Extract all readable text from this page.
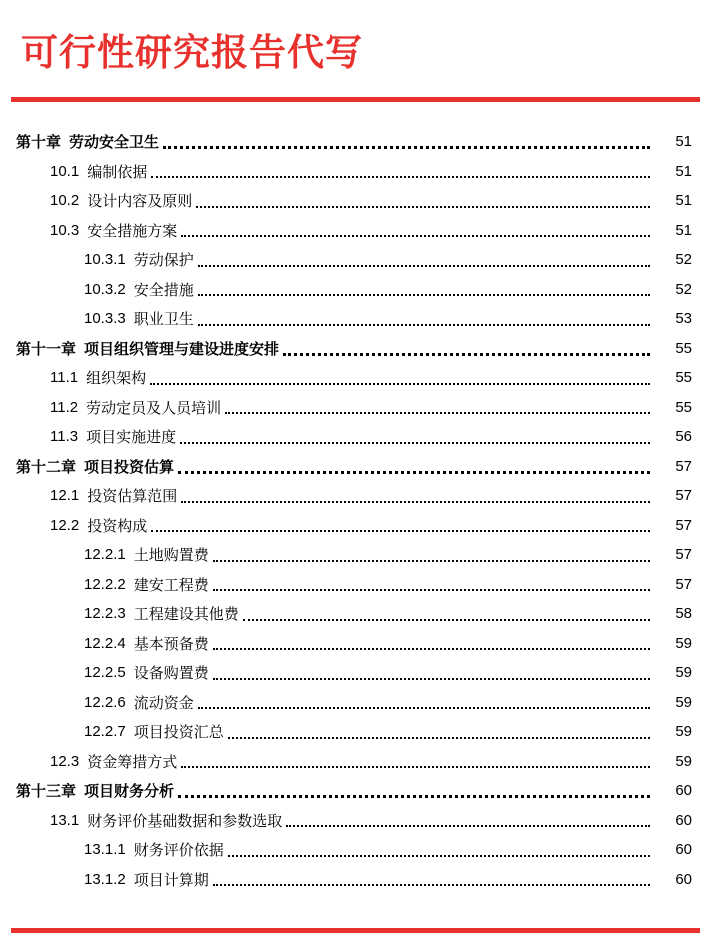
可行性研究报告代写
第十章 劳动安全卫生	51
10.1 编制依据	51
10.2 设计内容及原则	51
10.3 安全措施方案	51
10.3.1 劳动保护	52
10.3.2 安全措施	52
10.3.3 职业卫生	53
第十一章 项目组织管理与建设进度安排	55
11.1 组织架构	55
11.2 劳动定员及人员培训	55
11.3 项目实施进度	56
第十二章 项目投资估算	57
12.1 投资估算范围	57
12.2 投资构成	57
12.2.1 土地购置费	57
12.2.2 建安工程费	57
12.2.3 工程建设其他费	58
12.2.4 基本预备费	59
12.2.5 设备购置费	59
12.2.6 流动资金	59
12.2.7 项目投资汇总	59
12.3 资金筹措方式	59
第十三章 项目财务分析	60
13.1 财务评价基础数据和参数选取	60
13.1.1 财务评价依据	60
13.1.2 项目计算期	60
